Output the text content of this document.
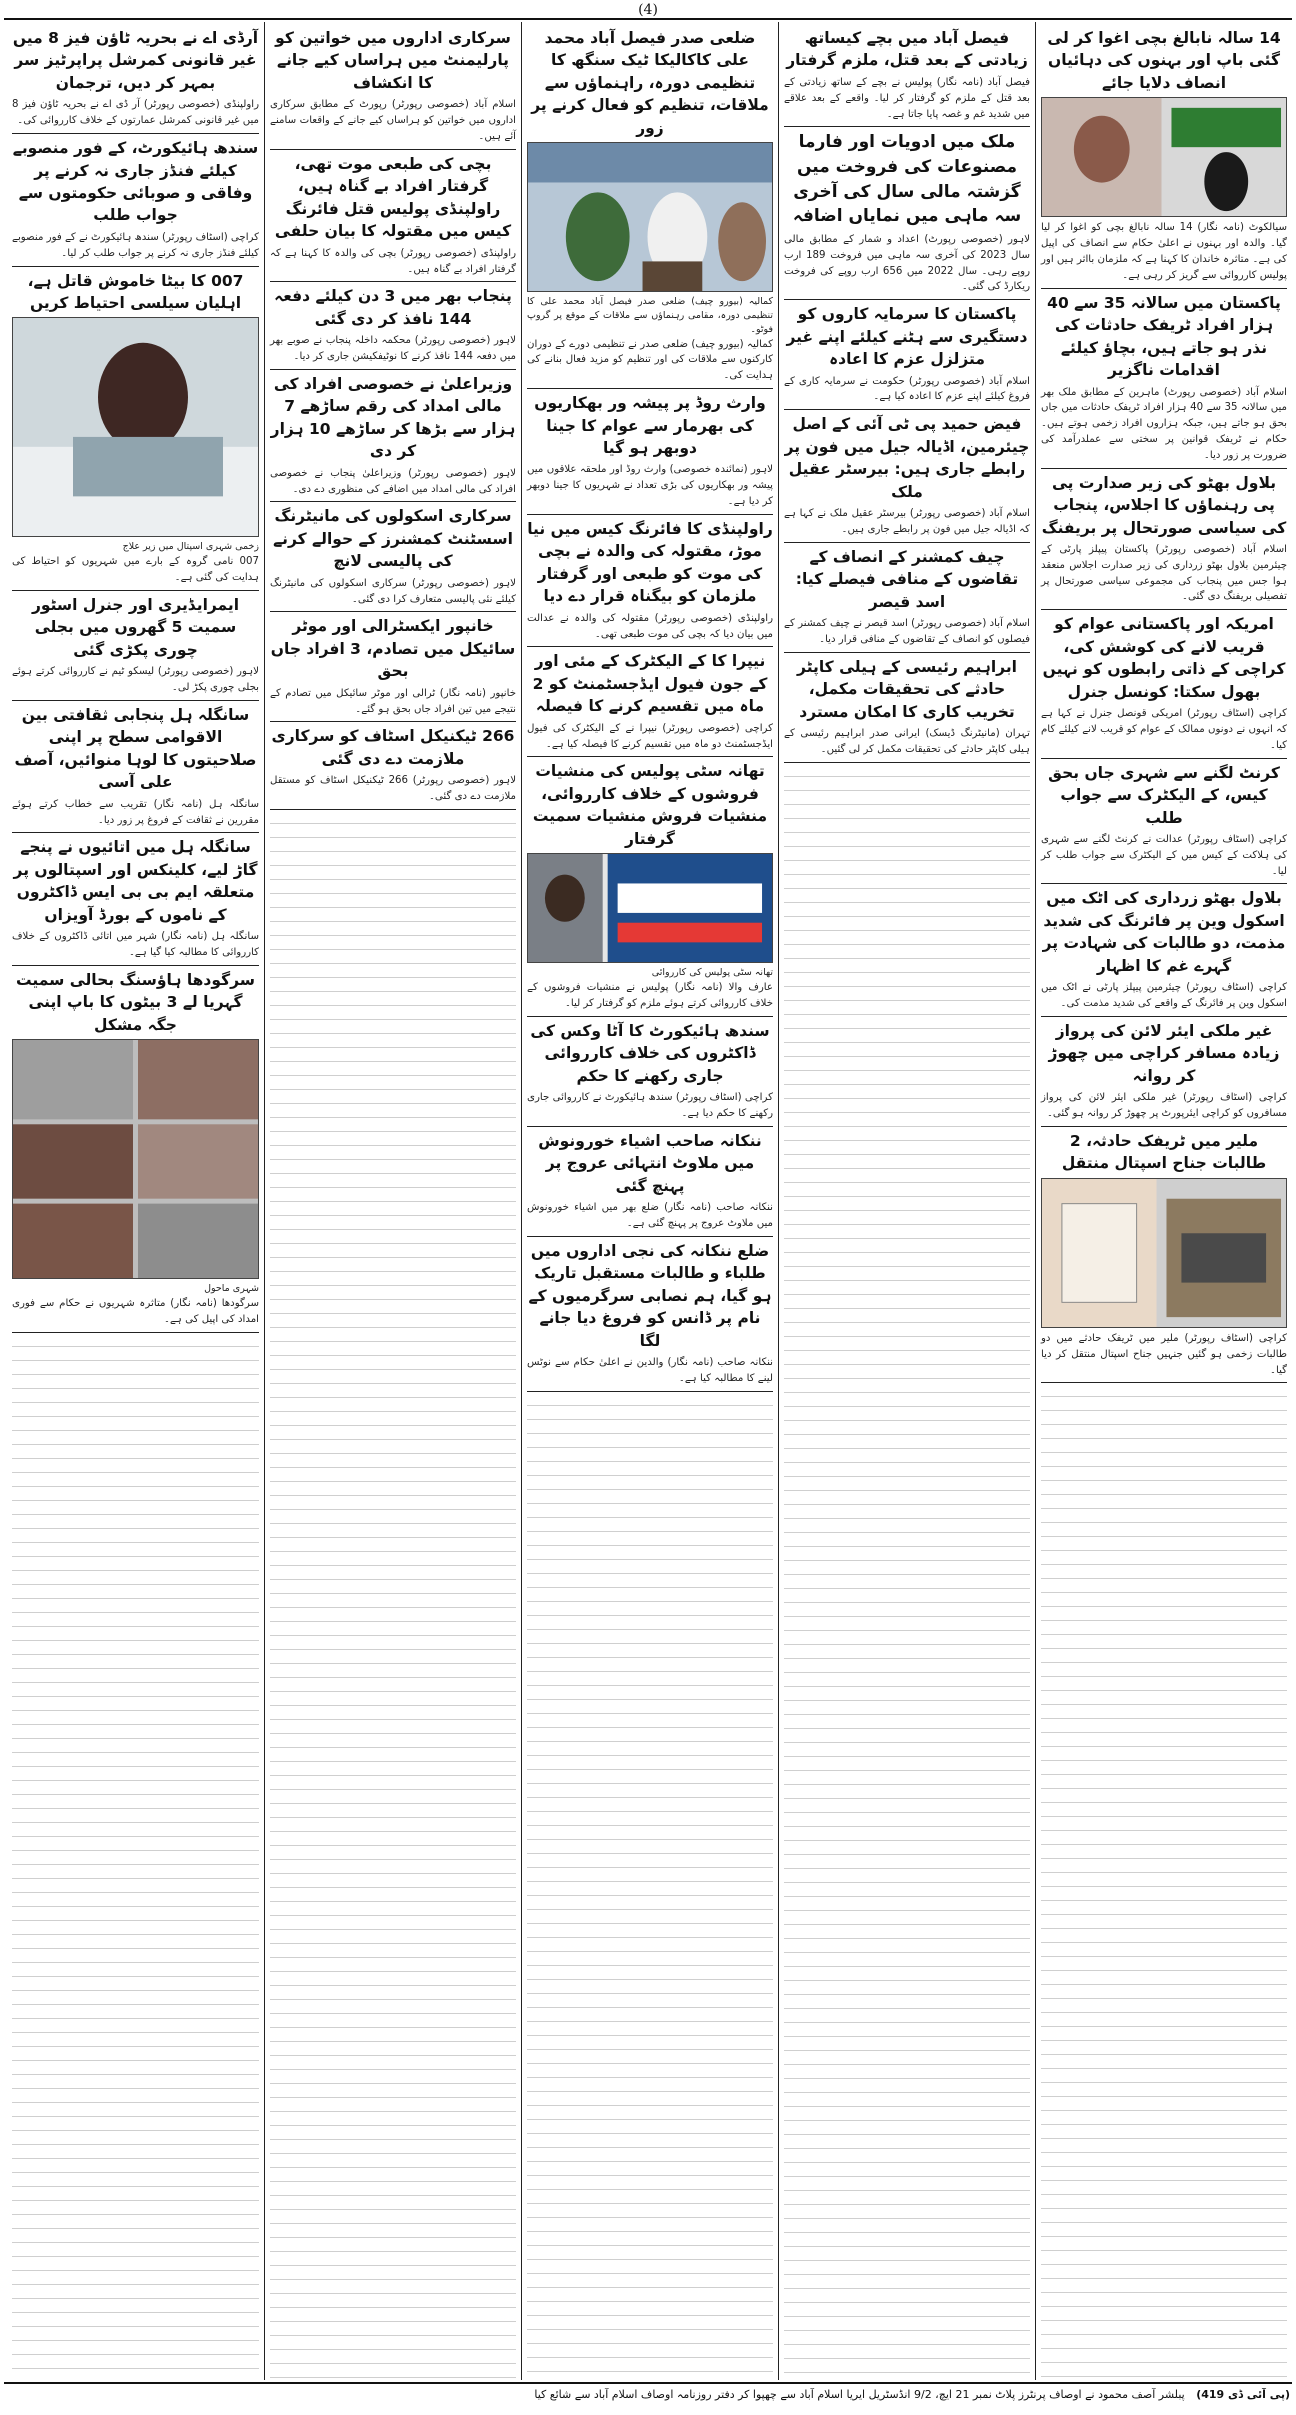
(4)
14 سالہ نابالغ بچی اغوا کر لی گئی باپ اور بہنوں کی دہائیاں انصاف دلایا جائے
سیالکوٹ (نامہ نگار) 14 سالہ نابالغ بچی کو اغوا کر لیا گیا۔ والدہ اور بہنوں نے اعلیٰ حکام سے انصاف کی اپیل کی ہے۔ متاثرہ خاندان کا کہنا ہے کہ ملزمان بااثر ہیں اور پولیس کارروائی سے گریز کر رہی ہے۔
پاکستان میں سالانہ 35 سے 40 ہزار افراد ٹریفک حادثات کی نذر ہو جاتے ہیں، بچاؤ کیلئے اقدامات ناگزیر
اسلام آباد (خصوصی رپورٹ) ماہرین کے مطابق ملک بھر میں سالانہ 35 سے 40 ہزار افراد ٹریفک حادثات میں جاں بحق ہو جاتے ہیں، جبکہ ہزاروں افراد زخمی ہوتے ہیں۔ حکام نے ٹریفک قوانین پر سختی سے عملدرآمد کی ضرورت پر زور دیا۔
بلاول بھٹو کی زیر صدارت پی پی رہنماؤں کا اجلاس، پنجاب کی سیاسی صورتحال پر بریفنگ
اسلام آباد (خصوصی رپورٹر) پاکستان پیپلز پارٹی کے چیئرمین بلاول بھٹو زرداری کی زیر صدارت اجلاس منعقد ہوا جس میں پنجاب کی مجموعی سیاسی صورتحال پر تفصیلی بریفنگ دی گئی۔
امریکہ اور پاکستانی عوام کو قریب لانے کی کوشش کی، کراچی کے ذاتی رابطوں کو نہیں بھول سکتا: کونسل جنرل
کراچی (اسٹاف رپورٹر) امریکی قونصل جنرل نے کہا ہے کہ انہوں نے دونوں ممالک کے عوام کو قریب لانے کیلئے کام کیا۔
کرنٹ لگنے سے شہری جاں بحق کیس، کے الیکٹرک سے جواب طلب
کراچی (اسٹاف رپورٹر) عدالت نے کرنٹ لگنے سے شہری کی ہلاکت کے کیس میں کے الیکٹرک سے جواب طلب کر لیا۔
بلاول بھٹو زرداری کی اٹک میں اسکول وین پر فائرنگ کی شدید مذمت، دو طالبات کی شہادت پر گہرے غم کا اظہار
کراچی (اسٹاف رپورٹر) چیئرمین پیپلز پارٹی نے اٹک میں اسکول وین پر فائرنگ کے واقعے کی شدید مذمت کی۔
غیر ملکی ایئر لائن کی پرواز زیادہ مسافر کراچی میں چھوڑ کر روانہ
کراچی (اسٹاف رپورٹر) غیر ملکی ایئر لائن کی پرواز مسافروں کو کراچی ایئرپورٹ پر چھوڑ کر روانہ ہو گئی۔
ملیر میں ٹریفک حادثہ، 2 طالبات جناح اسپتال منتقل
کراچی (اسٹاف رپورٹر) ملیر میں ٹریفک حادثے میں دو طالبات زخمی ہو گئیں جنہیں جناح اسپتال منتقل کر دیا گیا۔
فیصل آباد میں بچے کیساتھ زیادتی کے بعد قتل، ملزم گرفتار
فیصل آباد (نامہ نگار) پولیس نے بچے کے ساتھ زیادتی کے بعد قتل کے ملزم کو گرفتار کر لیا۔ واقعے کے بعد علاقے میں شدید غم و غصہ پایا جاتا ہے۔
ملک میں ادویات اور فارما مصنوعات کی فروخت میں گزشتہ مالی سال کی آخری سہ ماہی میں نمایاں اضافہ
لاہور (خصوصی رپورٹ) اعداد و شمار کے مطابق مالی سال 2023 کی آخری سہ ماہی میں فروخت 189 ارب روپے رہی۔ سال 2022 میں 656 ارب روپے کی فروخت ریکارڈ کی گئی۔
پاکستان کا سرمایہ کاروں کو دستگیری سے ہٹنے کیلئے اپنے غیر متزلزل عزم کا اعادہ
اسلام آباد (خصوصی رپورٹر) حکومت نے سرمایہ کاری کے فروغ کیلئے اپنے عزم کا اعادہ کیا ہے۔
فیض حمید پی ٹی آئی کے اصل چیئرمین، اڈیالہ جیل میں فون پر رابطے جاری ہیں: بیرسٹر عقیل ملک
اسلام آباد (خصوصی رپورٹر) بیرسٹر عقیل ملک نے کہا ہے کہ اڈیالہ جیل میں فون پر رابطے جاری ہیں۔
چیف کمشنر کے انصاف کے تقاضوں کے منافی فیصلے کیا: اسد قیصر
اسلام آباد (خصوصی رپورٹر) اسد قیصر نے چیف کمشنر کے فیصلوں کو انصاف کے تقاضوں کے منافی قرار دیا۔
ابراہیم رئیسی کے ہیلی کاپٹر حادثے کی تحقیقات مکمل، تخریب کاری کا امکان مسترد
تہران (مانیٹرنگ ڈیسک) ایرانی صدر ابراہیم رئیسی کے ہیلی کاپٹر حادثے کی تحقیقات مکمل کر لی گئیں۔
ضلعی صدر فیصل آباد محمد علی کاکالیکا ٹیک سنگھ کا تنظیمی دورہ، راہنماؤں سے ملاقات، تنظیم کو فعال کرنے پر زور
کمالیہ (بیورو چیف) ضلعی صدر فیصل آباد محمد علی کا تنظیمی دورہ، مقامی رہنماؤں سے ملاقات کے موقع پر گروپ فوٹو۔
کمالیہ (بیورو چیف) ضلعی صدر نے تنظیمی دورے کے دوران کارکنوں سے ملاقات کی اور تنظیم کو مزید فعال بنانے کی ہدایت کی۔
وارث روڈ پر پیشہ ور بھکاریوں کی بھرمار سے عوام کا جینا دوبھر ہو گیا
لاہور (نمائندہ خصوصی) وارث روڈ اور ملحقہ علاقوں میں پیشہ ور بھکاریوں کی بڑی تعداد نے شہریوں کا جینا دوبھر کر دیا ہے۔
راولپنڈی کا فائرنگ کیس میں نیا موڑ، مقتولہ کی والدہ نے بچی کی موت کو طبعی اور گرفتار ملزمان کو بیگناہ قرار دے دیا
راولپنڈی (خصوصی رپورٹر) مقتولہ کی والدہ نے عدالت میں بیان دیا کہ بچی کی موت طبعی تھی۔
نیپرا کا کے الیکٹرک کے مئی اور کے جون فیول ایڈجسٹمنٹ کو 2 ماہ میں تقسیم کرنے کا فیصلہ
کراچی (خصوصی رپورٹر) نیپرا نے کے الیکٹرک کی فیول ایڈجسٹمنٹ دو ماہ میں تقسیم کرنے کا فیصلہ کیا ہے۔
تھانہ سٹی پولیس کی منشیات فروشوں کے خلاف کارروائی، منشیات فروش منشیات سمیت گرفتار
تھانہ سٹی پولیس کی کارروائی
عارف والا (نامہ نگار) پولیس نے منشیات فروشوں کے خلاف کارروائی کرتے ہوئے ملزم کو گرفتار کر لیا۔
سندھ ہائیکورٹ کا آٹا وکس کی ڈاکٹروں کی خلاف کارروائی جاری رکھنے کا حکم
کراچی (اسٹاف رپورٹر) سندھ ہائیکورٹ نے کارروائی جاری رکھنے کا حکم دیا ہے۔
ننکانہ صاحب اشیاء خورونوش میں ملاوٹ انتہائی عروج پر پہنچ گئی
ننکانہ صاحب (نامہ نگار) ضلع بھر میں اشیاء خورونوش میں ملاوٹ عروج پر پہنچ گئی ہے۔
ضلع ننکانہ کی نجی اداروں میں طلباء و طالبات مستقبل تاریک ہو گیا، ہم نصابی سرگرمیوں کے نام پر ڈانس کو فروغ دیا جانے لگا
ننکانہ صاحب (نامہ نگار) والدین نے اعلیٰ حکام سے نوٹس لینے کا مطالبہ کیا ہے۔
سرکاری اداروں میں خواتین کو پارلیمنٹ میں ہراساں کیے جانے کا انکشاف
اسلام آباد (خصوصی رپورٹر) رپورٹ کے مطابق سرکاری اداروں میں خواتین کو ہراساں کیے جانے کے واقعات سامنے آئے ہیں۔
بچی کی طبعی موت تھی، گرفتار افراد بے گناہ ہیں، راولپنڈی پولیس قتل فائرنگ کیس میں مقتولہ کا بیان حلفی
راولپنڈی (خصوصی رپورٹر) بچی کی والدہ کا کہنا ہے کہ گرفتار افراد بے گناہ ہیں۔
پنجاب بھر میں 3 دن کیلئے دفعہ 144 نافذ کر دی گئی
لاہور (خصوصی رپورٹر) محکمہ داخلہ پنجاب نے صوبے بھر میں دفعہ 144 نافذ کرنے کا نوٹیفکیشن جاری کر دیا۔
وزیراعلیٰ نے خصوصی افراد کی مالی امداد کی رقم ساڑھے 7 ہزار سے بڑھا کر ساڑھے 10 ہزار کر دی
لاہور (خصوصی رپورٹر) وزیراعلیٰ پنجاب نے خصوصی افراد کی مالی امداد میں اضافے کی منظوری دے دی۔
سرکاری اسکولوں کی مانیٹرنگ اسسٹنٹ کمشنرز کے حوالے کرنے کی پالیسی لانچ
لاہور (خصوصی رپورٹر) سرکاری اسکولوں کی مانیٹرنگ کیلئے نئی پالیسی متعارف کرا دی گئی۔
خانپور ایکسٹرالی اور موٹر سائیکل میں تصادم، 3 افراد جاں بحق
خانپور (نامہ نگار) ٹرالی اور موٹر سائیکل میں تصادم کے نتیجے میں تین افراد جاں بحق ہو گئے۔
266 ٹیکنیکل اسٹاف کو سرکاری ملازمت دے دی گئی
لاہور (خصوصی رپورٹر) 266 ٹیکنیکل اسٹاف کو مستقل ملازمت دے دی گئی۔
آرڈی اے نے بحریہ ٹاؤن فیز 8 میں غیر قانونی کمرشل پراپرٹیز سر بمہر کر دیں، ترجمان
راولپنڈی (خصوصی رپورٹر) آر ڈی اے نے بحریہ ٹاؤن فیز 8 میں غیر قانونی کمرشل عمارتوں کے خلاف کارروائی کی۔
سندھ ہائیکورٹ، کے فور منصوبے کیلئے فنڈز جاری نہ کرنے پر وفاقی و صوبائی حکومتوں سے جواب طلب
کراچی (اسٹاف رپورٹر) سندھ ہائیکورٹ نے کے فور منصوبے کیلئے فنڈز جاری نہ کرنے پر جواب طلب کر لیا۔
007 کا بیٹا خاموش قاتل ہے، اہلیان سیلسی احتیاط کریں
زخمی شہری اسپتال میں زیر علاج
007 نامی گروہ کے بارے میں شہریوں کو احتیاط کی ہدایت کی گئی ہے۔
ایمرایڈیری اور جنرل اسٹور سمیت 5 گھروں میں بجلی چوری پکڑی گئی
لاہور (خصوصی رپورٹر) لیسکو ٹیم نے کارروائی کرتے ہوئے بجلی چوری پکڑ لی۔
سانگلہ ہل پنجابی ثقافتی بین الاقوامی سطح پر اپنی صلاحیتوں کا لوہا منوائیں، آصف علی آسی
سانگلہ ہل (نامہ نگار) تقریب سے خطاب کرتے ہوئے مقررین نے ثقافت کے فروغ پر زور دیا۔
سانگلہ ہل میں اتائیوں نے پنجے گاڑ لیے، کلینکس اور اسپتالوں پر متعلقہ ایم بی بی ایس ڈاکٹروں کے ناموں کے بورڈ آویزاں
سانگلہ ہل (نامہ نگار) شہر میں اتائی ڈاکٹروں کے خلاف کارروائی کا مطالبہ کیا گیا ہے۔
سرگودھا ہاؤسنگ بحالی سمیت گہریا لے 3 بیٹوں کا باپ اپنی جگہ مشکل
شہری ماحول
سرگودھا (نامہ نگار) متاثرہ شہریوں نے حکام سے فوری امداد کی اپیل کی ہے۔
(پی آئی ڈی 419) پبلشر آصف محمود نے اوصاف پرنٹرز پلاٹ نمبر 21 ایچ، 9/2 انڈسٹریل ایریا اسلام آباد سے چھپوا کر دفتر روزنامہ اوصاف اسلام آباد سے شائع کیا
